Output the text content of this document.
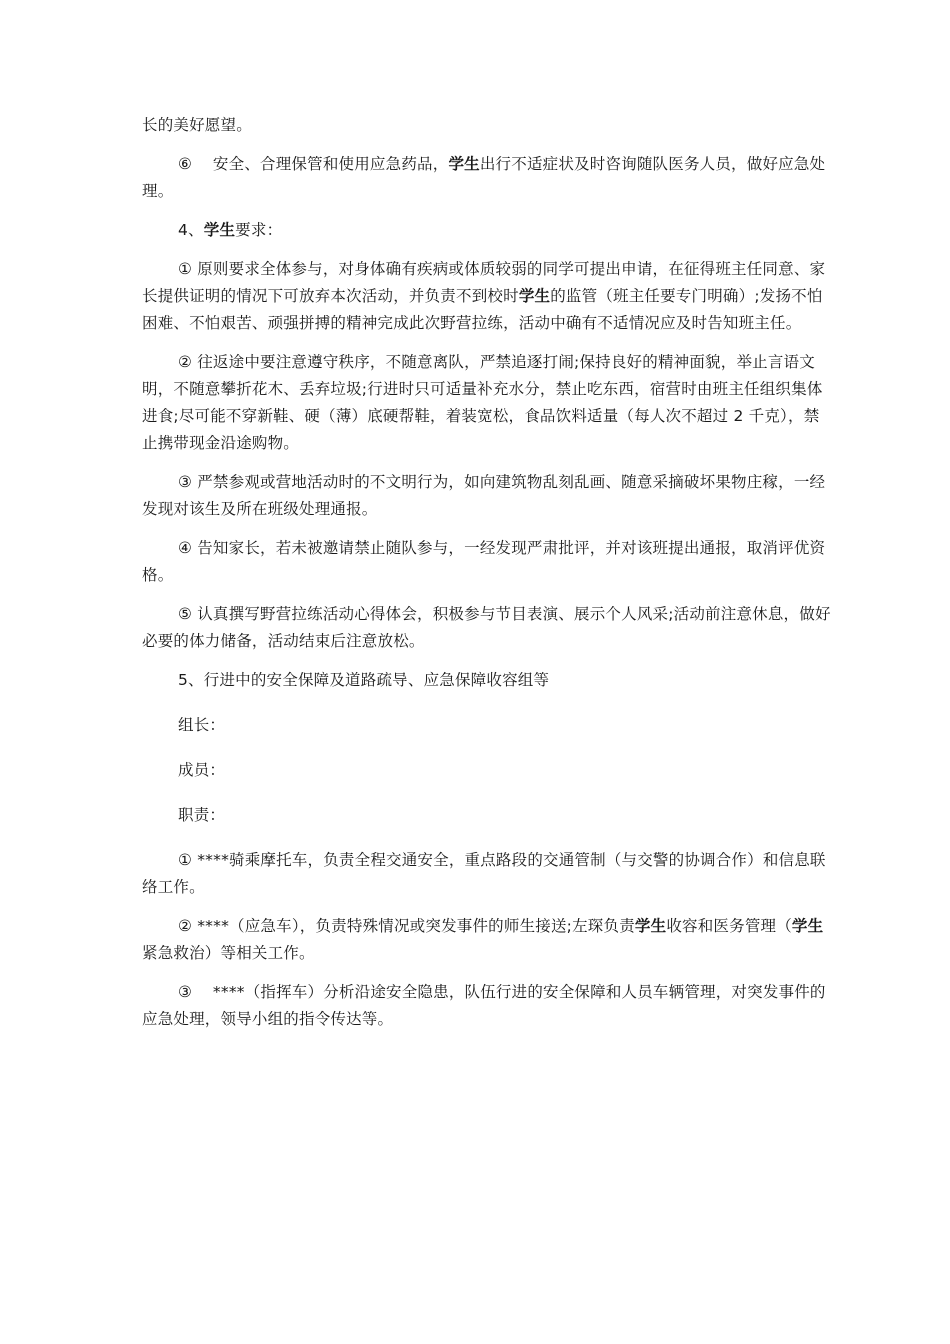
长的美好愿望。

⑥　 安全、合理保管和使用应急药品，学生出行不适症状及时咨询随队医务人员，做好应急处理。

4、学生要求：

① 原则要求全体参与，对身体确有疾病或体质较弱的同学可提出申请，在征得班主任同意、家长提供证明的情况下可放弃本次活动，并负责不到校时学生的监管（班主任要专门明确）;发扬不怕困难、不怕艰苦、顽强拼搏的精神完成此次野营拉练，活动中确有不适情况应及时告知班主任。

② 往返途中要注意遵守秩序，不随意离队，严禁追逐打闹;保持良好的精神面貌，举止言语文明，不随意攀折花木、丢弃垃圾;行进时只可适量补充水分，禁止吃东西，宿营时由班主任组织集体进食;尽可能不穿新鞋、硬（薄）底硬帮鞋，着装宽松，食品饮料适量（每人次不超过 2 千克），禁止携带现金沿途购物。

③ 严禁参观或营地活动时的不文明行为，如向建筑物乱刻乱画、随意采摘破坏果物庄稼，一经发现对该生及所在班级处理通报。

④ 告知家长，若未被邀请禁止随队参与，一经发现严肃批评，并对该班提出通报，取消评优资格。

⑤ 认真撰写野营拉练活动心得体会，积极参与节目表演、展示个人风采;活动前注意休息，做好必要的体力储备，活动结束后注意放松。

5、行进中的安全保障及道路疏导、应急保障收容组等

组长：

成员：

职责：

① ****骑乘摩托车，负责全程交通安全，重点路段的交通管制（与交警的协调合作）和信息联络工作。

② ****（应急车），负责特殊情况或突发事件的师生接送;左琛负责学生收容和医务管理（学生紧急救治）等相关工作。

③　 ****（指挥车）分析沿途安全隐患，队伍行进的安全保障和人员车辆管理，对突发事件的应急处理，领导小组的指令传达等。
